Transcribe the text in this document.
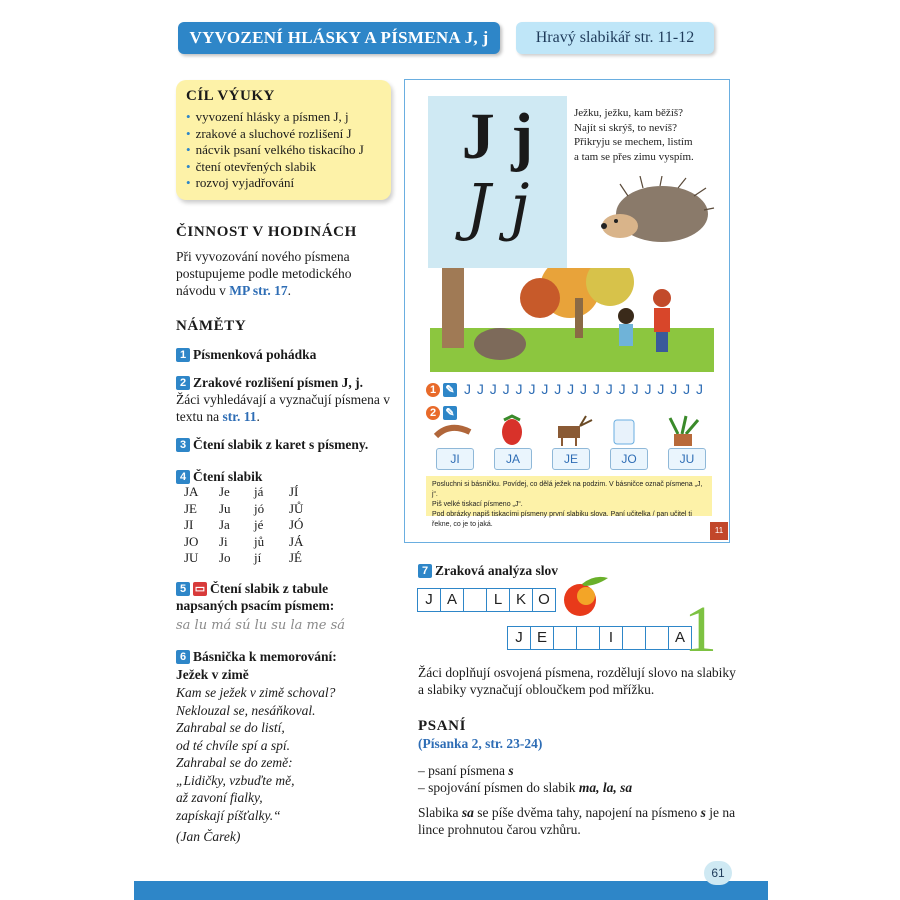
VYVOZENÍ HLÁSKY A PÍSMENA J, j	Hravý slabikář str. 11-12
CÍL VÝUKY
• vyvození hlásky a písmen J, j
• zrakové a sluchové rozlišení J
• nácvik psaní velkého tiskacího J
• čtení otevřených slabik
• rozvoj vyjadřování
ČINNOST V HODINÁCH
Při vyvozování nového písmena postupujeme podle metodického návodu v MP str. 17.
NÁMĚTY
1 Písmenková pohádka
2 Zrakové rozlišení písmen J, j.
Žáci vyhledávají a vyznačují písmena v textu na str. 11.
3 Čtení slabik z karet s písmeny.
4 Čtení slabik
JA	Je	já	JÍ
JE	Ju	jó	JŮ
JI	Ja	jé	JÓ
JO	Ji	jů	JÁ
JU	Jo	jí	JÉ
5 ▭ Čtení slabik z tabule napsaných psacím písmem:
sa lu má sú lu su la me sá
6 Básnička k memorování:
Ježek v zimě
Kam se ježek v zimě schoval?
Neklouzal se, nesáňkoval.
Zahrabal se do listí,
od té chvíle spí a spí.
Zahrabal se do země:
„Lidičky, vzbuďte mě,
až zavoní fialky,
zapískají píšťalky.“
(Jan Čarek)
J j
J j
Ježku, ježku, kam běžíš?
Najít si skrýš, to nevíš?
Přikryju se mechem, listím
a tam se přes zimu vyspím.
1 ✎ J J J J J J J J J J J J J J J J J J J
2 ✎
JI	JA	JE	JO	JU
Posluchni si básničku. Povídej, co dělá ježek na podzim. V básničce označ písmena „J, j“.
Piš velké tiskací písmeno „J“.
Pod obrázky napiš tiskacími písmeny první slabiku slova. Paní učitelka / pan učitel ti řekne, co je to jaká.
11
7 Zraková analýza slov
J A L K O
J E	I	A 1
Žáci doplňují osvojená písmena, rozdělují slovo na slabiky a slabiky vyznačují obloučkem pod mřížku.
PSANÍ
(Písanka 2, str. 23-24)
– psaní písmena s
– spojování písmen do slabik ma, la, sa
Slabika sa se píše dvěma tahy, napojení na písmeno s je na lince prohnutou čarou vzhůru.
61
